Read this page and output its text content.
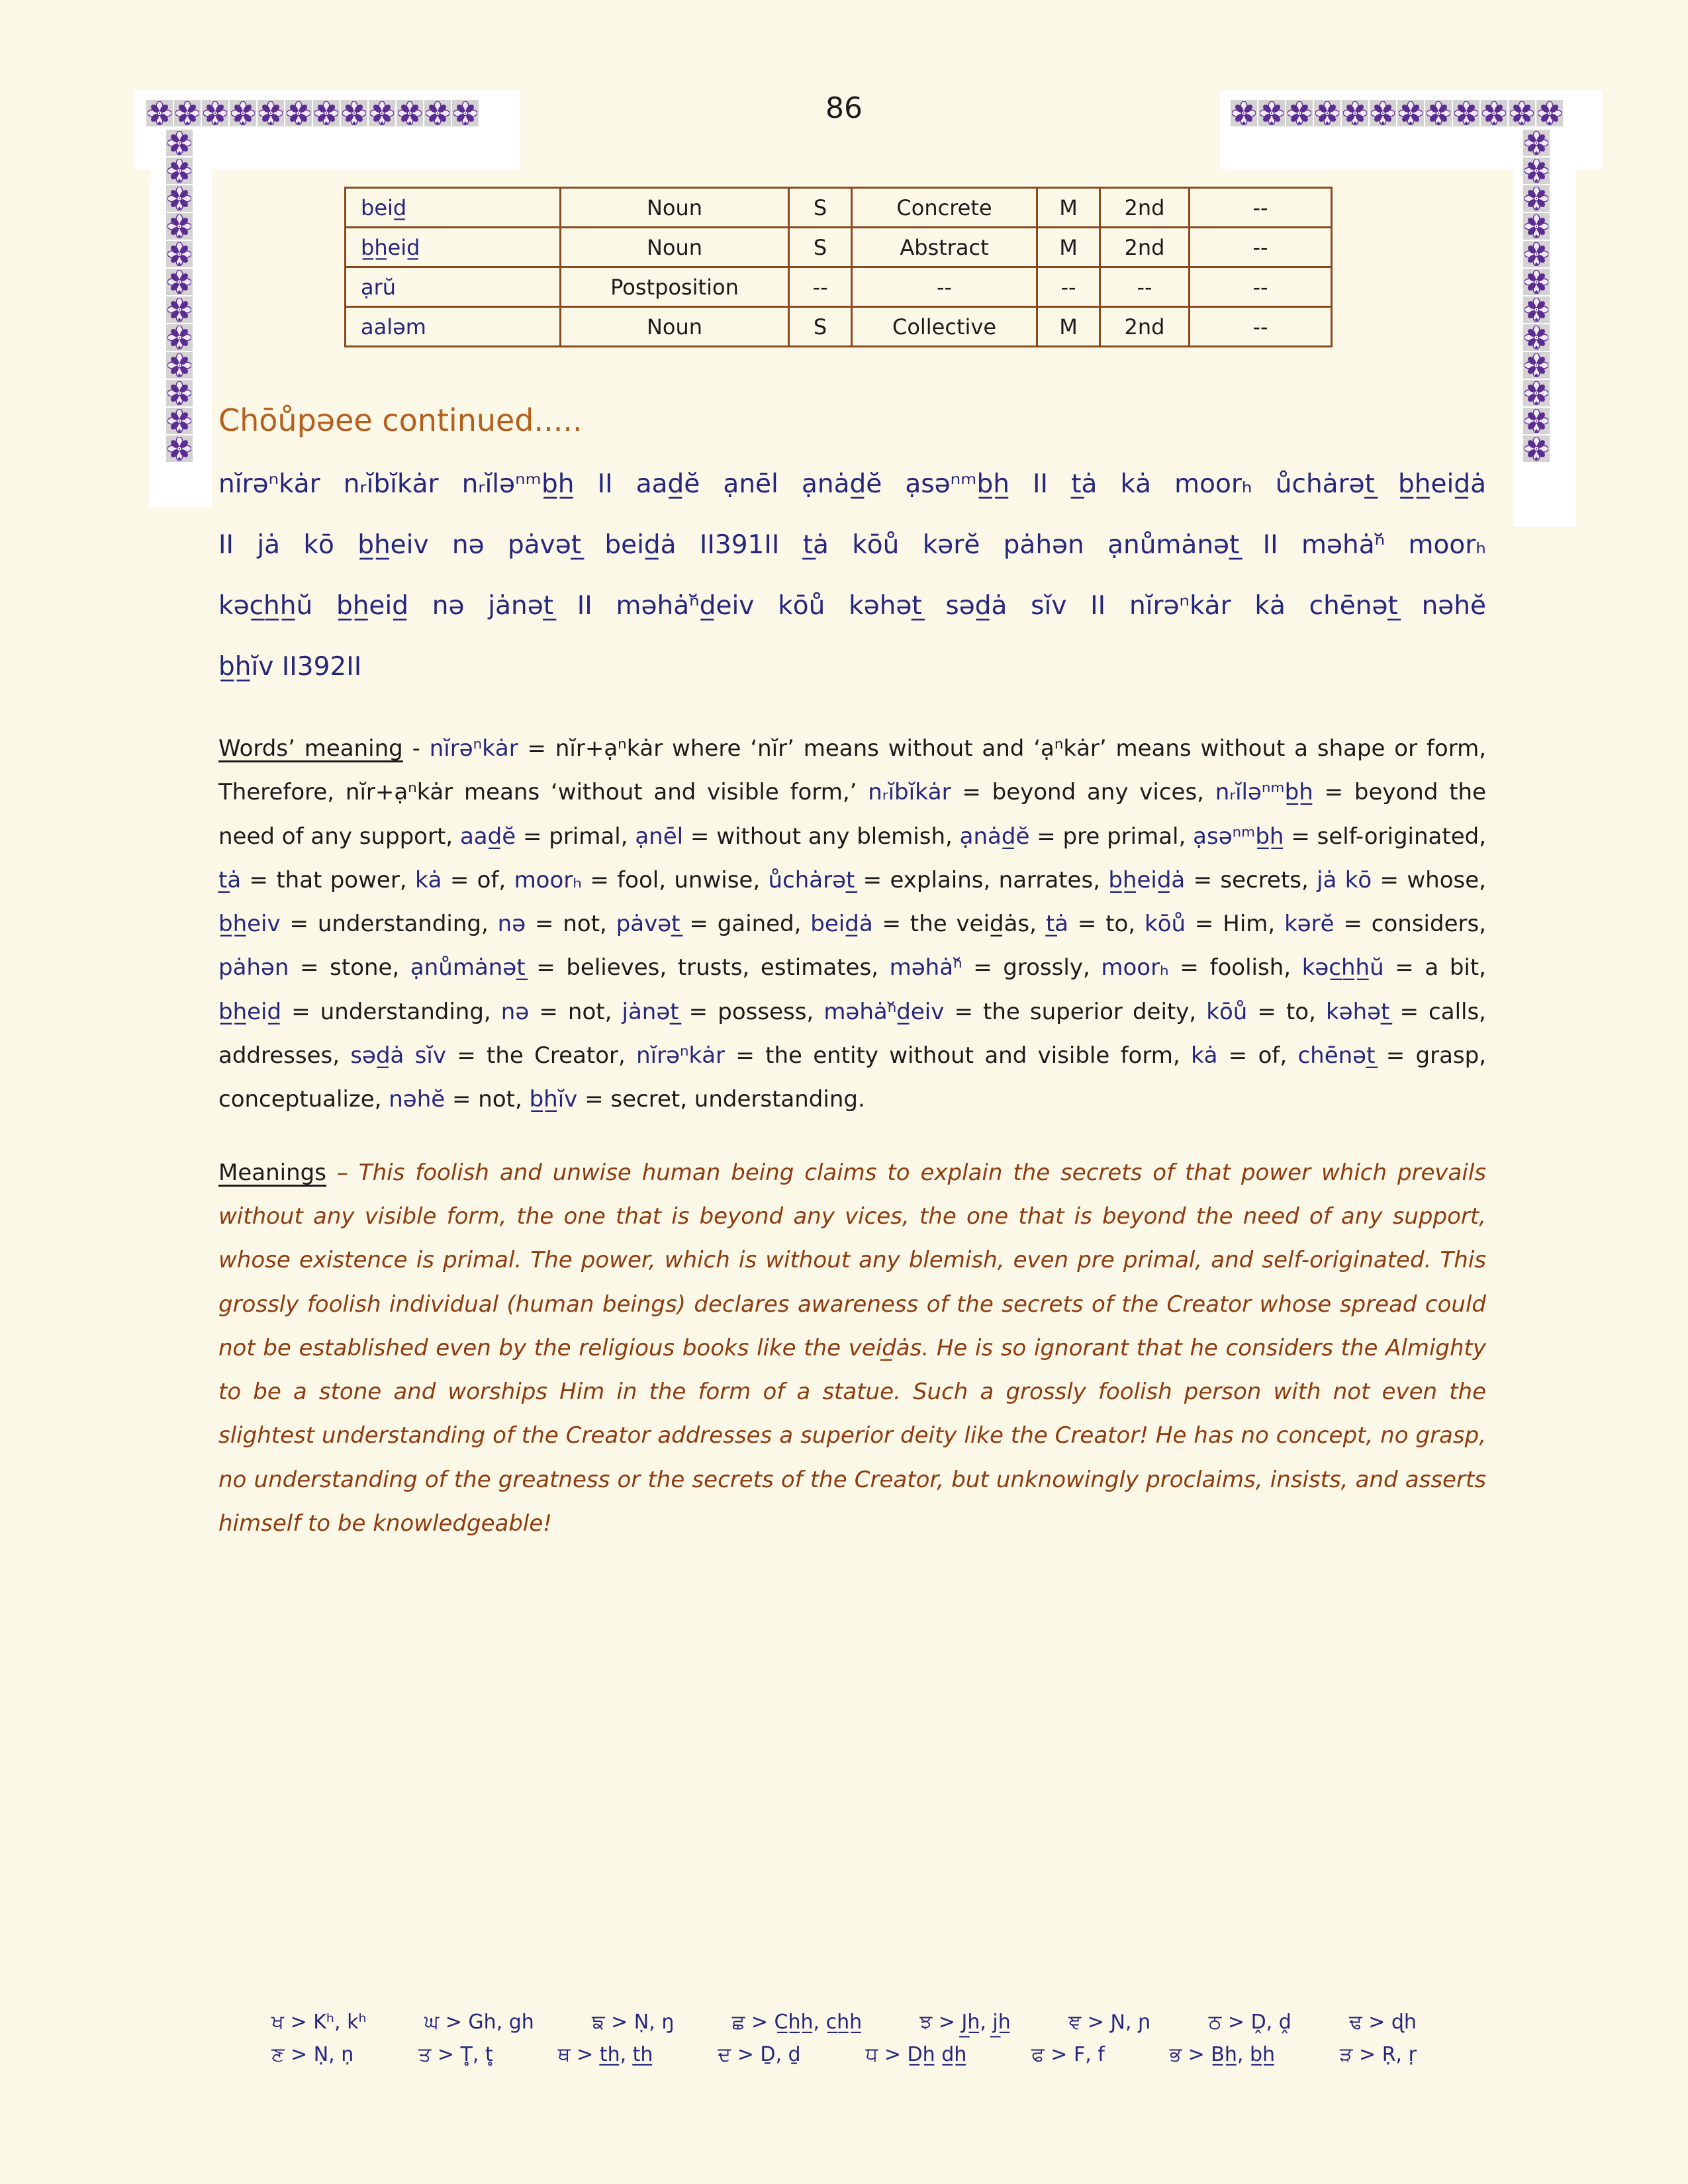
86
beid̲	Noun	S	Concrete	M	2nd	--
b̲h̲eid̲	Noun	S	Abstract	M	2nd	--
ạrŭ	Postposition	--	--	--	--	--
aaləm	Noun	S	Collective	M	2nd	--
Chōůpəee continued.....
nĭrəⁿkȧr nᵣĭbĭkȧr nᵣĭləⁿᵐb̲h̲ II aad̲ĕ ạnēl ạnȧd̲ĕ ạsəⁿᵐb̲h̲ II t̲ȧ kȧ moorₕ ůchȧrət̲ b̲h̲eid̲ȧ
II jȧ kō b̲h̲eiv nə pȧvət̲ beid̲ȧ II391II t̲ȧ kōů kərĕ pȧhən ạnůmȧnət̲ II məhȧⁿ̆ moorₕ
kəc̲h̲h̲ŭ b̲h̲eid̲ nə jȧnət̲ II məhȧⁿ̆d̲eiv kōů kəhət̲ səd̲ȧ sĭv II nĭrəⁿkȧr kȧ chēnət̲ nəhĕ
b̲h̲ĭv II392II

Words’ meaning - nĭrəⁿkȧr = nĭr+ạⁿkȧr where ‘nĭr’ means without and ‘ạⁿkȧr’ means without a shape or form, Therefore, nĭr+ạⁿkȧr means ‘without and visible form,’ nᵣĭbĭkȧr = beyond any vices, nᵣĭləⁿᵐb̲h̲ = beyond the need of any support, aad̲ĕ = primal, ạnēl = without any blemish, ạnȧd̲ĕ = pre primal, ạsəⁿᵐb̲h̲ = self-originated, t̲ȧ = that power, kȧ = of, moorₕ = fool, unwise, ůchȧrət̲ = explains, narrates, b̲h̲eid̲ȧ = secrets, jȧ kō = whose, b̲h̲eiv = understanding, nə = not, pȧvət̲ = gained, beid̲ȧ = the veid̲ȧs, t̲ȧ = to, kōů = Him, kərĕ = considers, pȧhən = stone, ạnůmȧnət̲ = believes, trusts, estimates, məhȧⁿ̆ = grossly, moorₕ = foolish, kəc̲h̲h̲ŭ = a bit, b̲h̲eid̲ = understanding, nə = not, jȧnət̲ = possess, məhȧⁿ̆d̲eiv = the superior deity, kōů = to, kəhət̲ = calls, addresses, səd̲ȧ sĭv = the Creator, nĭrəⁿkȧr = the entity without and visible form, kȧ = of, chēnət̲ = grasp, conceptualize, nəhĕ = not, b̲h̲ĭv = secret, understanding.

Meanings – This foolish and unwise human being claims to explain the secrets of that power which prevails without any visible form, the one that is beyond any vices, the one that is beyond the need of any support, whose existence is primal. The power, which is without any blemish, even pre primal, and self-originated. This grossly foolish individual (human beings) declares awareness of the secrets of the Creator whose spread could not be established even by the religious books like the veid̲ȧs. He is so ignorant that he considers the Almighty to be a stone and worships Him in the form of a statue. Such a grossly foolish person with not even the slightest understanding of the Creator addresses a superior deity like the Creator! He has no concept, no grasp, no understanding of the greatness or the secrets of the Creator, but unknowingly proclaims, insists, and asserts himself to be knowledgeable!

ਖ > Kʰ, kʰ	ਘ > Gh, gh	ਙ > Ṇ, ŋ	ਛ > C̲h̲h̲, c̲h̲h̲	ਝ > J̲h̲, j̲h̲	ਞ > Ɲ, ɲ	ਠ > Ḓ, ḓ	ਢ > ɖh
ਣ > Ṇ, ṇ	ਤ > T̥, t̥	ਥ > t̲h̲, t̲h̲	ਦ > Ḏ, ḏ	ਧ > D̲h̲ d̲h̲	ਫ > F, f	ਭ > B̲h̲, b̲h̲	ੜ > Ṛ, ṛ
